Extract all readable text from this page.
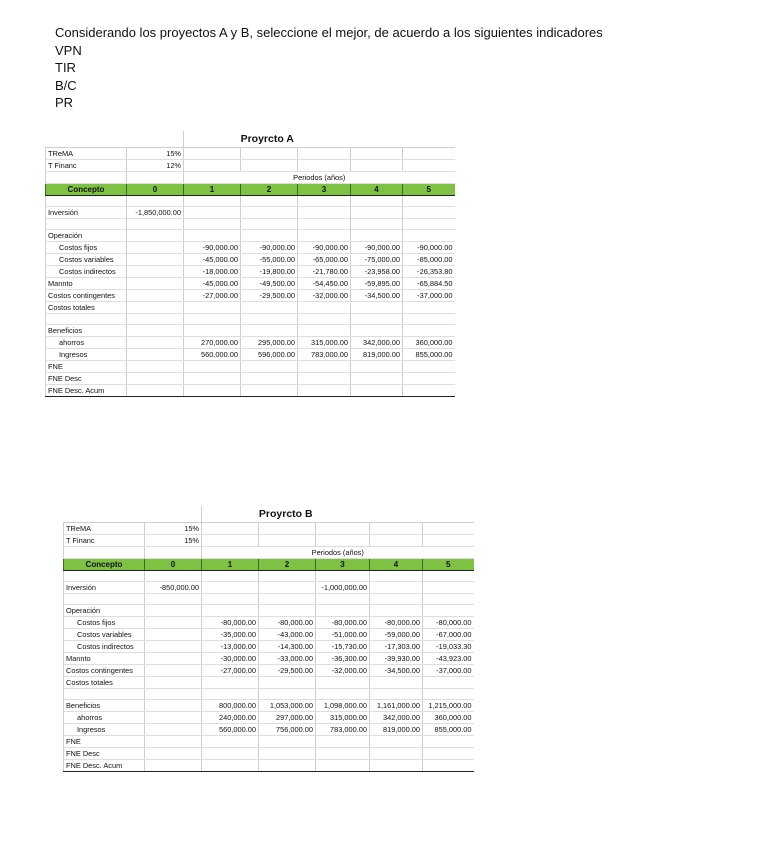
Considerando los proyectos A y B, seleccione el mejor, de acuerdo a los siguientes indicadores
VPN
TIR
B/C
PR
		Proyrcto A				
TReMA	15%					
T Financ	12%					
		Periodos (años)				
Concepto	0	1	2	3	4	5

Inversión	-1,850,000.00					

Operación						
Costos fijos		-90,000.00	-90,000.00	-90,000.00	-90,000.00	-90,000.00
Costos variables		-45,000.00	-55,000.00	-65,000.00	-75,000.00	-85,000.00
Costos indirectos		-18,000.00	-19,800.00	-21,780.00	-23,958.00	-26,353.80
Mannto		-45,000.00	-49,500.00	-54,450.00	-59,895.00	-65,884.50
Costos contingentes		-27,000.00	-29,500.00	-32,000.00	-34,500.00	-37,000.00
Costos totales						

Beneficios						
ahorros		270,000.00	295,000.00	315,000.00	342,000.00	360,000.00
Ingresos		560,000.00	596,000.00	783,000.00	819,000.00	855,000.00
FNE						
FNE Desc						
FNE Desc. Acum						
		Proyrcto B				
TReMA	15%					
T Financ	15%					
		Periodos (años)				
Concepto	0	1	2	3	4	5

Inversión	-850,000.00			-1,000,000.00		

Operación						
Costos fijos		-80,000.00	-80,000.00	-80,000.00	-80,000.00	-80,000.00
Costos variables		-35,000.00	-43,000.00	-51,000.00	-59,000.00	-67,000.00
Costos indirectos		-13,000.00	-14,300.00	-15,730.00	-17,303.00	-19,033.30
Mannto		-30,000.00	-33,000.00	-36,300.00	-39,930.00	-43,923.00
Costos contingentes		-27,000.00	-29,500.00	-32,000.00	-34,500.00	-37,000.00
Costos totales						

Beneficios		800,000.00	1,053,000.00	1,098,000.00	1,161,000.00	1,215,000.00
ahorros		240,000.00	297,000.00	315,000.00	342,000.00	360,000.00
Ingresos		560,000.00	756,000.00	783,000.00	819,000.00	855,000.00
FNE						
FNE Desc						
FNE Desc. Acum						
